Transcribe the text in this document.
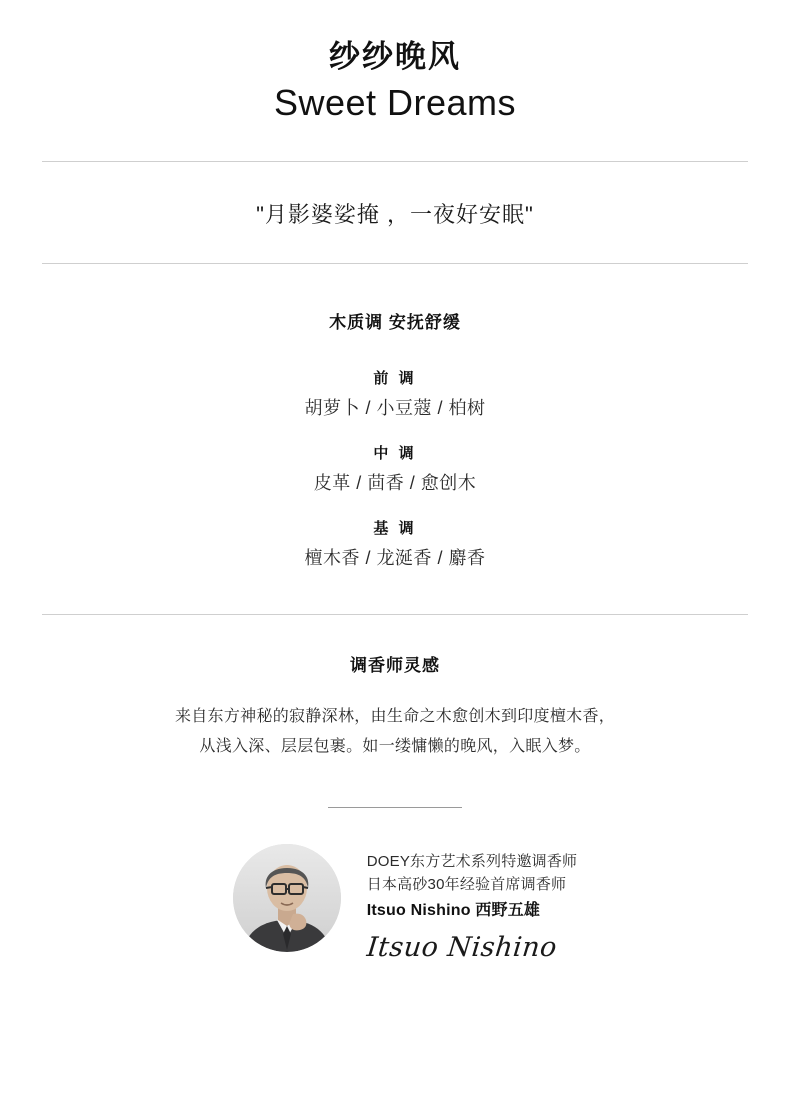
纱纱晚风
Sweet Dreams
"月影婆娑掩 ，一夜好安眠"
木质调 安抚舒缓
前 调
胡萝卜 / 小豆蔻 / 柏树
中 调
皮革 / 茴香 / 愈创木
基 调
檀木香 / 龙涎香 / 麝香
调香师灵感
来自东方神秘的寂静深林，由生命之木愈创木到印度檀木香，
从浅入深、层层包裹。如一缕慵懒的晚风，入眠入梦。
DOEY东方艺术系列特邀调香师
日本高砂30年经验首席调香师
Itsuo Nishino 西野五雄
Itsuo Nishino
